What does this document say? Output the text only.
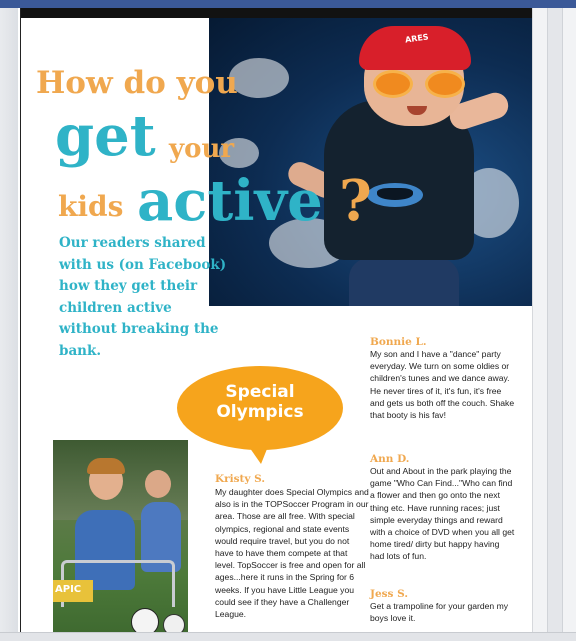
ARES
How do you
get your
kids active ?
Our readers shared with us (on Facebook) how they get their children active without breaking the bank.
Special
Olympics
APIC
Kristy S.
My daughter does Special Olympics and also is in the TOPSoccer Program in our area. Those are all free. With special olympics, regional and state events would require travel, but you do not have to have them compete at that level. TopSoccer is free and open for all ages...here it runs in the Spring for 6 weeks. If you have Little League you could see if they have a Challenger League.
Bonnie L.
My son and I have a "dance" party everyday. We turn on some oldies or children's tunes and we dance away. He never tires of it, it's fun, it's free and gets us both off the couch. Shake that booty is his fav!
Ann D.
Out and About in the park playing the game "Who Can Find..."Who can find a flower and then go onto the next thing etc. Have running races; just simple everyday things and reward with a choice of DVD when you all get home tired/ dirty but happy having had lots of fun.
Jess S.
Get a trampoline for your garden my boys love it.
